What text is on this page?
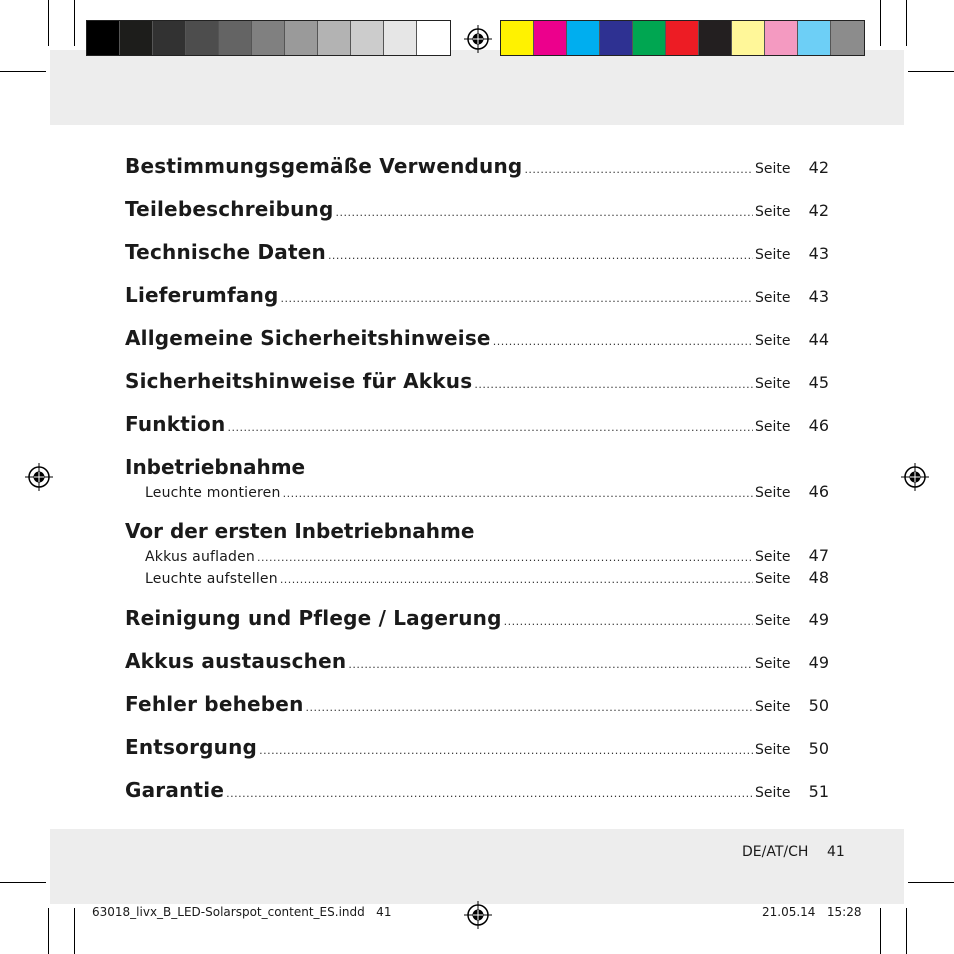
Bestimmungsgemäße Verwendung .....	Seite	42
Teilebeschreibung .....	Seite	42
Technische Daten .....	Seite	43
Lieferumfang .....	Seite	43
Allgemeine Sicherheitshinweise .....	Seite	44
Sicherheitshinweise für Akkus .....	Seite	45
Funktion .....	Seite	46
Inbetriebnahme
Leuchte montieren .....	Seite	46
Vor der ersten Inbetriebnahme
Akkus aufladen .....	Seite	47
Leuchte aufstellen .....	Seite	48
Reinigung und Pflege / Lagerung .....	Seite	49
Akkus austauschen .....	Seite	49
Fehler beheben .....	Seite	50
Entsorgung .....	Seite	50
Garantie .....	Seite	51
DE/AT/CH 41
63018_livx_B_LED-Solarspot_content_ES.indd   41	21.05.14   15:28
